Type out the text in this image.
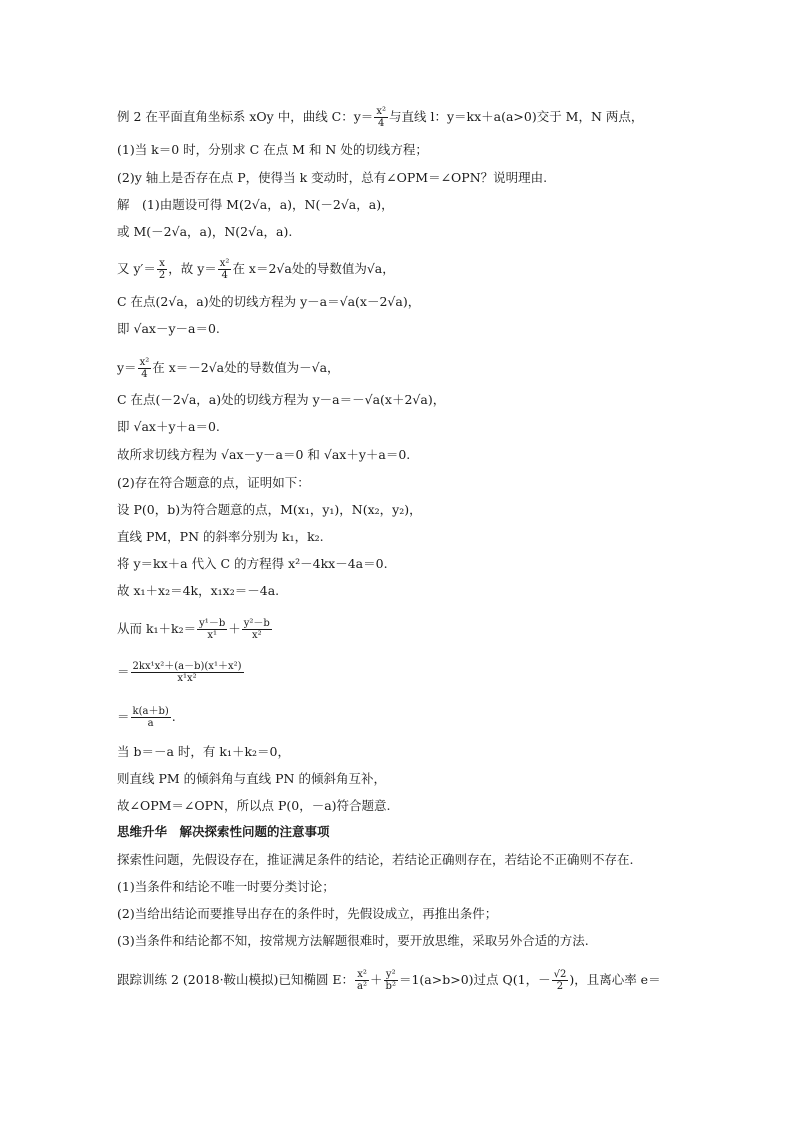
例 2 在平面直角坐标系 xOy 中，曲线 C：$y= \frac{\text{x²}}{4}$ 与直线 l：y＝kx＋a(a>0)交于 M，N 两点，
(1)当 k＝0 时，分别求 C 在点 M 和 N 处的切线方程；
(2)y 轴上是否存在点 P，使得当 k 变动时，总有∠OPM＝∠OPN？说明理由.
解　(1)由题设可得 M(2√a，a)，N(－2√a，a)，
或 M(－2√a，a)，N(2√a，a).
又 $y'= \frac{x}{2}$ ，故 $y= \frac{\text{x²}}{4}$ 在 x＝2√a处的导数值为√a，
C 在点(2√a，a)处的切线方程为 y－a＝√a(x－2√a)，
即 √ax－y－a＝0.
$y= \frac{\text{x²}}{4}$ 在 x＝－2√a处的导数值为－√a，
C 在点(－2√a，a)处的切线方程为 y－a＝－√a(x＋2√a)，
即 √ax＋y＋a＝0.
故所求切线方程为 √ax－y－a＝0 和 √ax＋y＋a＝0.
(2)存在符合题意的点，证明如下：
设 P(0，b)为符合题意的点，M(x₁，y₁)，N(x₂，y₂)，
直线 PM，PN 的斜率分别为 k₁，k₂.
将 y＝kx＋a 代入 C 的方程得 x²－4kx－4a＝0.
故 x₁＋x₂＝4k，x₁x₂＝－4a.
从而 $k_1+k_2= \frac{\text{y¹－b}}{\text{x¹}} + \frac{\text{y²－b}}{\text{x²}}$
＝ $\frac{\text{2kx¹x²＋(a－b)(x¹＋x²)}}{\text{x¹x²}}$
＝ $\frac{k(a+b)}{a}$ .
当 b＝－a 时，有 k₁＋k₂＝0，
则直线 PM 的倾斜角与直线 PN 的倾斜角互补，
故∠OPM＝∠OPN，所以点 P(0，－a)符合题意.
思维升华　解决探索性问题的注意事项
探索性问题，先假设存在，推证满足条件的结论，若结论正确则存在，若结论不正确则不存在.
(1)当条件和结论不唯一时要分类讨论；
(2)当给出结论而要推导出存在的条件时，先假设成立，再推出条件；
(3)当条件和结论都不知，按常规方法解题很难时，要开放思维，采取另外合适的方法.
跟踪训练 2 (2018·鞍山模拟)已知椭圆 E： $\frac{\text{x²}}{\text{a²}} + \frac{\text{y²}}{\text{b²}} =1(a>b>0)$过点 Q(1，－ $\frac{√2}{2}$ )，且离心率 e＝
